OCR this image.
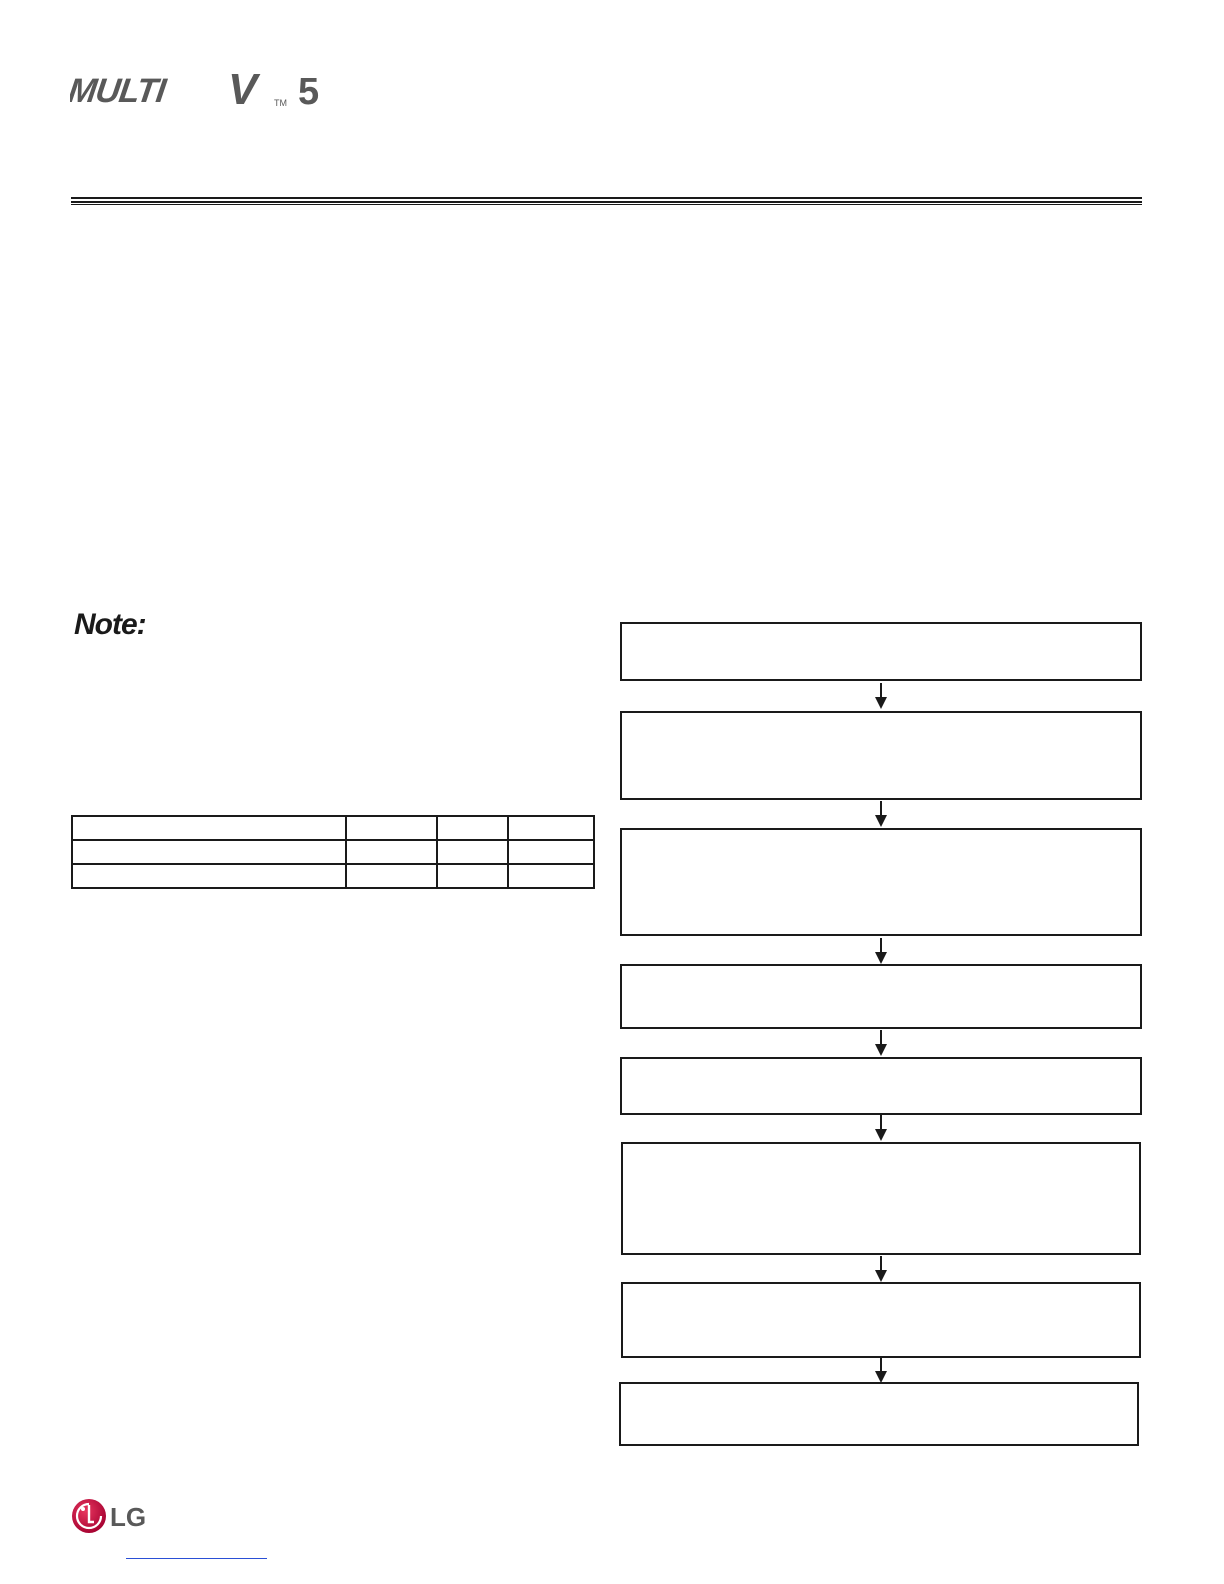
MULTI V	TM 5
Note:

LG
